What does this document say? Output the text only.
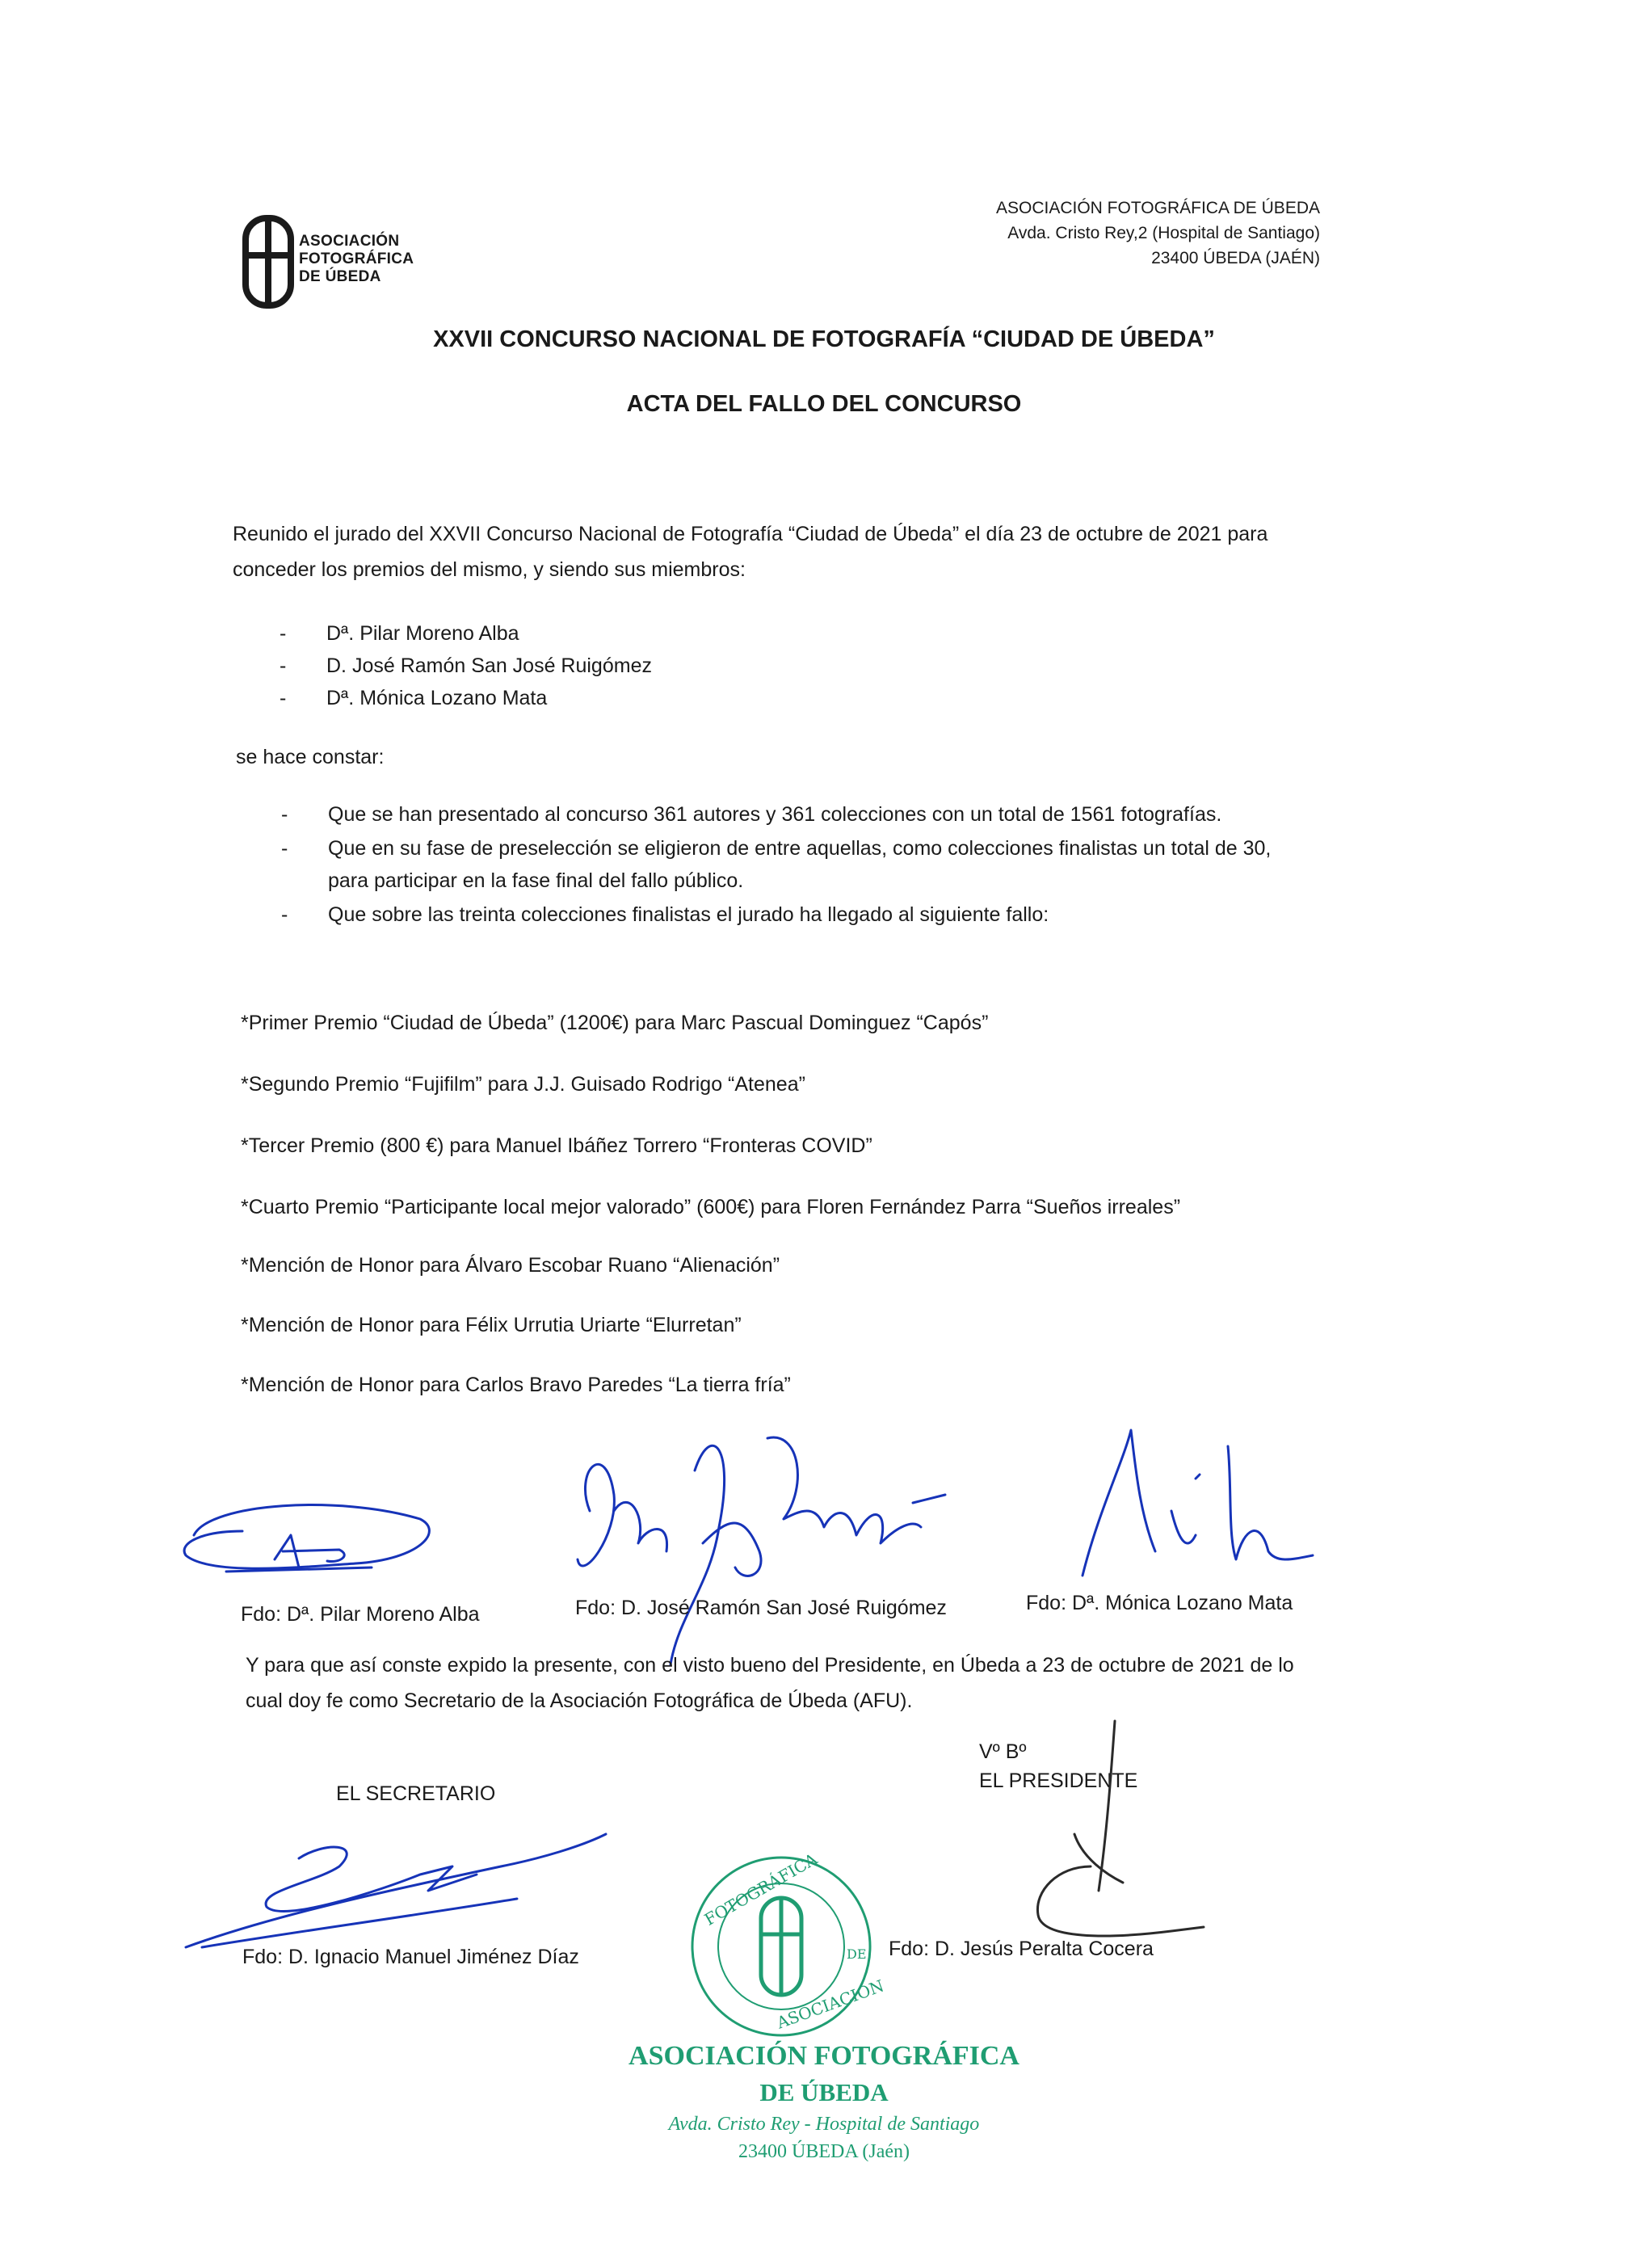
ASOCIACIÓN
FOTOGRÁFICA
DE ÚBEDA
ASOCIACIÓN FOTOGRÁFICA DE ÚBEDA
Avda. Cristo Rey,2 (Hospital de Santiago)
23400 ÚBEDA (JAÉN)
XXVII CONCURSO NACIONAL DE FOTOGRAFÍA “CIUDAD DE ÚBEDA”
ACTA DEL FALLO DEL CONCURSO
Reunido el jurado del XXVII Concurso Nacional de Fotografía “Ciudad de Úbeda” el día 23 de octubre de 2021 para
conceder los premios del mismo, y siendo sus miembros:
- Dª. Pilar Moreno Alba
- D. José Ramón San José Ruigómez
- Dª. Mónica Lozano Mata
se hace constar:
- Que se han presentado al concurso 361 autores y 361 colecciones con un total de 1561 fotografías.
- Que en su fase de preselección se eligieron de entre aquellas, como colecciones finalistas un total de 30,
para participar en la fase final del fallo público.
- Que sobre las treinta colecciones finalistas el jurado ha llegado al siguiente fallo:
*Primer Premio “Ciudad de Úbeda” (1200€) para Marc Pascual Dominguez “Capós”
*Segundo Premio “Fujifilm” para J.J. Guisado Rodrigo “Atenea”
*Tercer Premio (800 €) para Manuel Ibáñez Torrero “Fronteras COVID”
*Cuarto Premio “Participante local mejor valorado” (600€) para Floren Fernández Parra “Sueños irreales”
*Mención de Honor para Álvaro Escobar Ruano “Alienación”
*Mención de Honor para Félix Urrutia Uriarte “Elurretan”
*Mención de Honor para Carlos Bravo Paredes “La tierra fría”
Fdo: Dª. Pilar Moreno Alba	Fdo: D. José Ramón San José Ruigómez	Fdo: Dª. Mónica Lozano Mata
Y para que así conste expido la presente, con el visto bueno del Presidente, en Úbeda a 23 de octubre de 2021 de lo
cual doy fe como Secretario de la Asociación Fotográfica de Úbeda (AFU).
Vº Bº
EL PRESIDENTE
EL SECRETARIO
Fdo: D. Ignacio Manuel Jiménez Díaz	Fdo: D. Jesús Peralta Cocera
FOTOGRÁFICA
ASOCIACIÓN
DE
ASOCIACIÓN FOTOGRÁFICA
DE ÚBEDA
Avda. Cristo Rey - Hospital de Santiago
23400 ÚBEDA (Jaén)
